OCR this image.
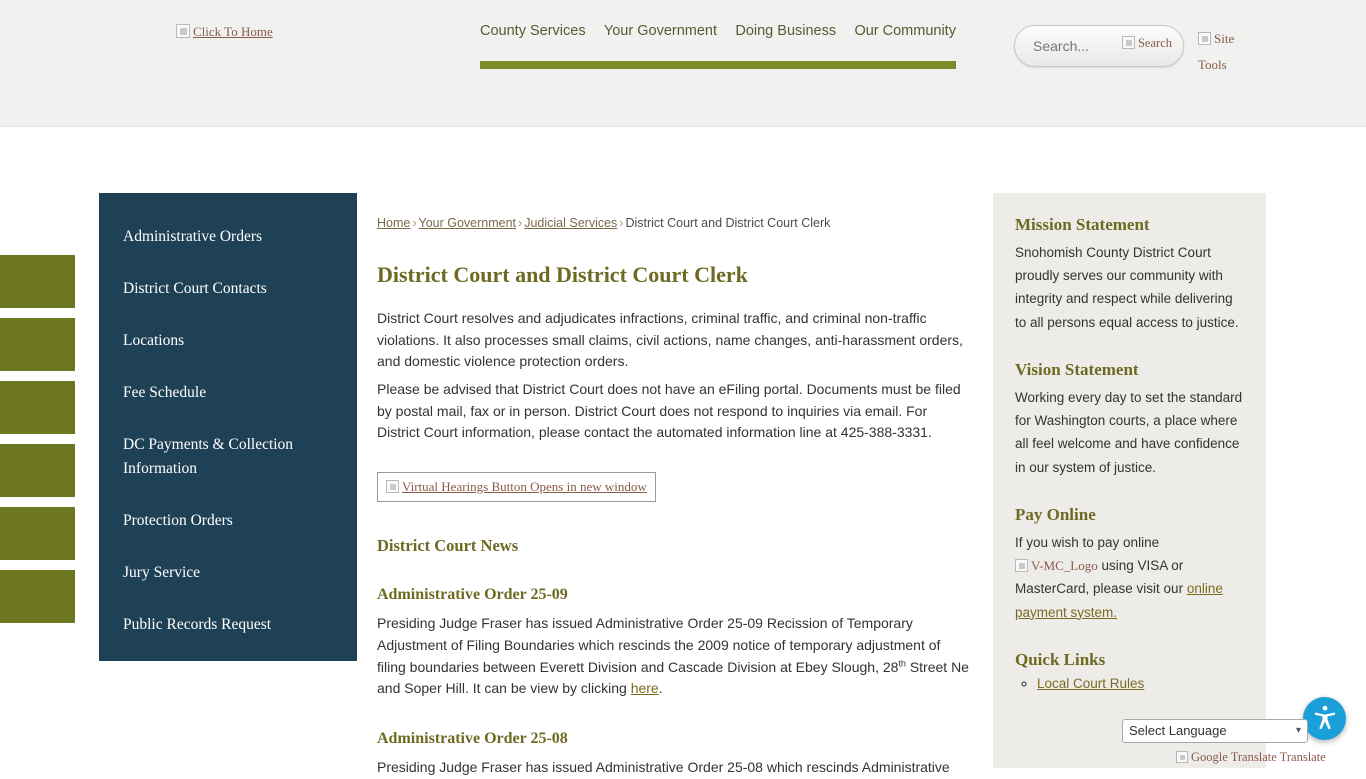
Click To Home	County Services Your Government Doing Business Our Community
Search...
Search	Site Tools
Administrative Orders
District Court Contacts
Locations
Fee Schedule
DC Payments & Collection Information
Protection Orders
Jury Service
Public Records Request
Home › Your Government › Judicial Services › District Court and District Court Clerk
District Court and District Court Clerk

District Court resolves and adjudicates infractions, criminal traffic, and criminal non-traffic violations. It also processes small claims, civil actions, name changes, anti-harassment orders, and domestic violence protection orders.

Please be advised that District Court does not have an eFiling portal. Documents must be filed by postal mail, fax or in person. District Court does not respond to inquiries via email. For District Court information, please contact the automated information line at 425-388-3331.

Virtual Hearings Button Opens in new window
District Court News
Administrative Order 25-09

Presiding Judge Fraser has issued Administrative Order 25-09 Recission of Temporary Adjustment of Filing Boundaries which rescinds the 2009 notice of temporary adjustment of filing boundaries between Everett Division and Cascade Division at Ebey Slough, 28th Street Ne and Soper Hill. It can be view by clicking here.

Administrative Order 25-08

Presiding Judge Fraser has issued Administrative Order 25-08 which rescinds Administrative

Mission Statement

Snohomish County District Court proudly serves our community with integrity and respect while delivering to all persons equal access to justice.

Vision Statement

Working every day to set the standard for Washington courts, a place where all feel welcome and have confidence in our system of justice.

Pay Online

If you wish to pay online
V-MC_Logo using VISA or MasterCard, please visit our online payment system.

Quick Links
◦ Local Court Rules
▾
Select Language
Google Translate Translate
